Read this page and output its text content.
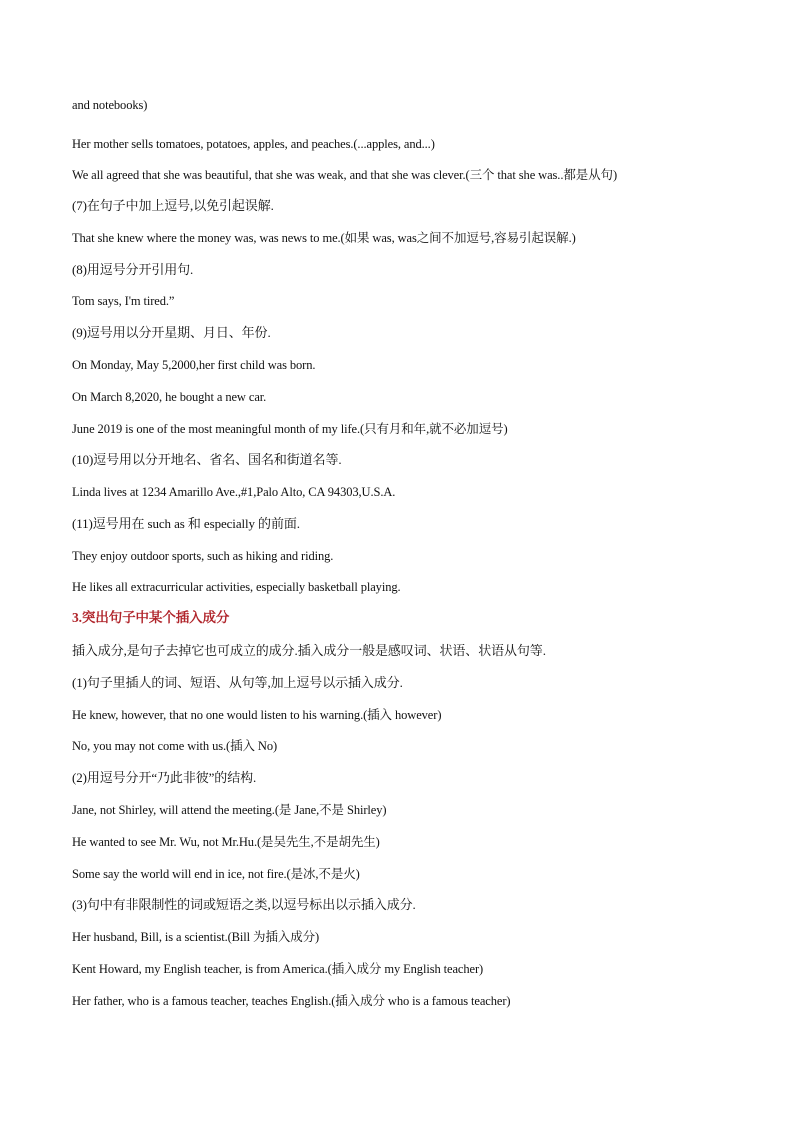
and notebooks)
Her mother sells tomatoes, potatoes, apples, and peaches.(...apples, and...)
We all agreed that she was beautiful, that she was weak, and that she was clever.(三个 that she was..都是从句)
(7)在句子中加上逗号,以免引起误解.
That she knew where the money was, was news to me.(如果 was, was之间不加逗号,容易引起误解.)
(8)用逗号分开引用句.
Tom says, I'm tired.”
(9)逗号用以分开星期、月日、年份.
On Monday, May 5,2000,her first child was born.
On March 8,2020, he bought a new car.
June 2019 is one of the most meaningful month of my life.(只有月和年,就不必加逗号)
(10)逗号用以分开地名、省名、国名和街道名等.
Linda lives at 1234 Amarillo Ave.,#1,Palo Alto, CA 94303,U.S.A.
(11)逗号用在 such as 和 especially 的前面.
They enjoy outdoor sports, such as hiking and riding.
He likes all extracurricular activities, especially basketball playing.
3.突出句子中某个插入成分
插入成分,是句子去掉它也可成立的成分.插入成分一般是感叹词、状语、状语从句等.
(1)句子里插人的词、短语、从句等,加上逗号以示插入成分.
He knew, however, that no one would listen to his warning.(插入 however)
No, you may not come with us.(插入 No)
(2)用逗号分开“乃此非彼”的结构.
Jane, not Shirley, will attend the meeting.(是 Jane,不是 Shirley)
He wanted to see Mr. Wu, not Mr.Hu.(是吴先生,不是胡先生)
Some say the world will end in ice, not fire.(是冰,不是火)
(3)句中有非限制性的词或短语之类,以逗号标出以示插入成分.
Her husband, Bill, is a scientist.(Bill 为插入成分)
Kent Howard, my English teacher, is from America.(插入成分 my English teacher)
Her father, who is a famous teacher, teaches English.(插入成分 who is a famous teacher)
